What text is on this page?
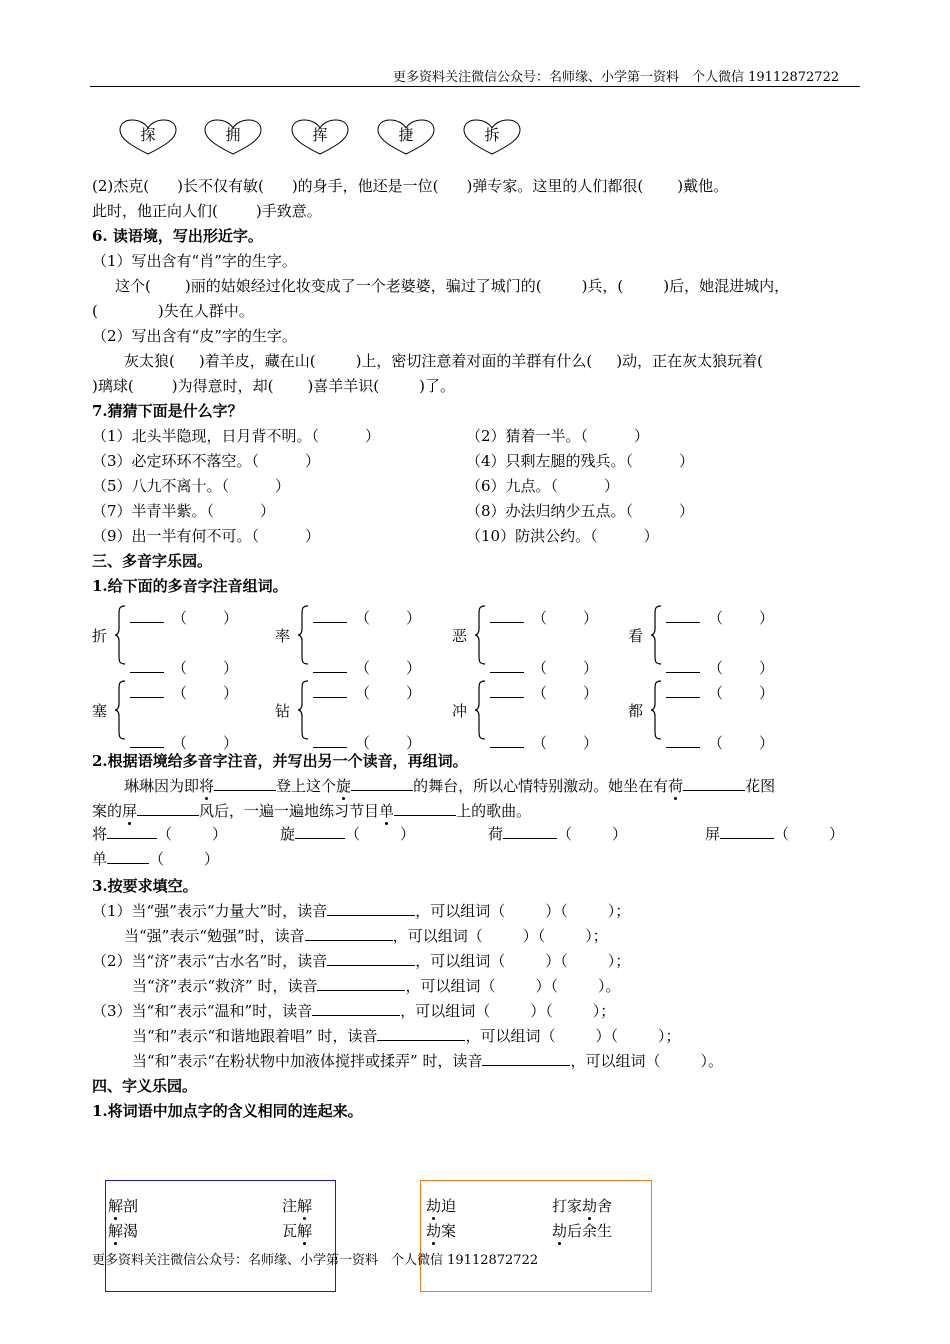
更多资料关注微信公众号：名师缘、小学第一资料　个人微信 19112872722
探	拥	挥	捷	拆
(2)杰克( )长不仅有敏( )的身手，他还是一位( )弹专家。这里的人们都很( )戴他。
此时，他正向人们(	)手致意。
6. 读语境，写出形近字。
（1）写出含有“肖”字的生字。
这个( )丽的姑娘经过化妆变成了一个老婆婆，骗过了城门的(	)兵，(	)后，她混进城内，
(	)失在人群中。
（2）写出含有“皮”字的生字。
灰太狼( )着羊皮，藏在山(	)上，密切注意着对面的羊群有什么( )动，正在灰太狼玩着(
)璃球(	)为得意时，却( )喜羊羊识(	)了。
7.猜猜下面是什么字？
（1）北头半隐现，日月背不明。（	）	（2）猜着一半。（	）
（3）必定环环不落空。（	）	（4）只剩左腿的残兵。（	）
（5）八九不离十。（	）	（6）九点。（	）
（7）半青半紫。（	）	（8）办法归纳少五点。（	）
（9）出一半有何不可。（	）	（10）防洪公约。（	）
三、多音字乐园。
1.给下面的多音字注音组词。
折
（ ）
（ ）
率
（ ）
（ ）
恶
（ ）
（ ）
看
（ ）
（ ）
塞
（ ）
（ ）
钻
（ ）
（ ）
冲
（ ）
（ ）
都
（ ）
（ ）
2.根据语境给多音字注音，并写出另一个读音，再组词。
琳琳因为即将	登上这个旋	的舞台，所以心情特别激动。她坐在有荷	花图
案的屏	风后，一遍一遍地练习节目单	上的歌曲。
将	（	）	旋	（	）	荷	（	）	屏	（	）
单	（	）
3.按要求填空。
（1）当“强”表示“力量大”时，读音	，可以组词（	）（	）；
当“强”表示“勉强”时，读音	，可以组词（	）（	）；
（2）当“济”表示“古水名”时，读音	，可以组词（	）（	）；
当“济”表示“救济” 时，读音	，可以组词（	）（	）。
（3）当“和”表示“温和”时，读音	，可以组词（	）（	）；
当“和”表示“和谐地跟着唱” 时，读音	，可以组词（	）（	）；
当“和”表示“在粉状物中加液体搅拌或揉弄” 时，读音	，可以组词（	）。
四、字义乐园。
1.将词语中加点字的含义相同的连起来。
解剖	注解
解渴	瓦解
劫迫	打家劫舍
劫案	劫后余生
更多资料关注微信公众号：名师缘、小学第一资料　个人微信 19112872722
